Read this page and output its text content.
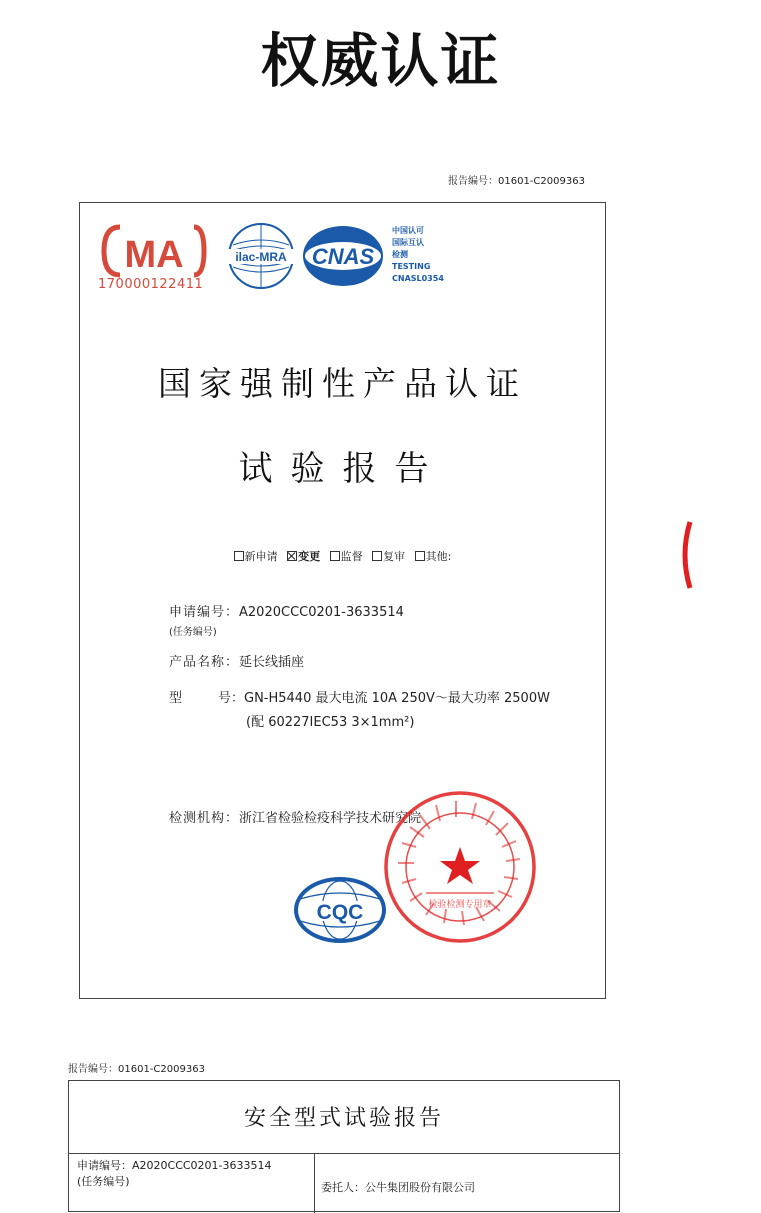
权威认证
报告编号：01601-C2009363
MA
170000122411
ilac-MRA CNAS
中国认可
国际互认
检测
TESTING
CNASL0354
国家强制性产品认证
试验报告
新申请 变更 监督 复审 其他:
申请编号：A2020CCC0201-3633514
(任务编号)
产品名称：延长线插座
型	号： GN-H5440 最大电流 10A 250V～最大功率 2500W
(配 60227IEC53 3×1mm²)
检测机构：浙江省检验检疫科学技术研究院
CQC	检验检测专用章
报告编号：01601-C2009363
安全型式试验报告
申请编号：A2020CCC0201-3633514
(任务编号)	委托人：公牛集团股份有限公司
